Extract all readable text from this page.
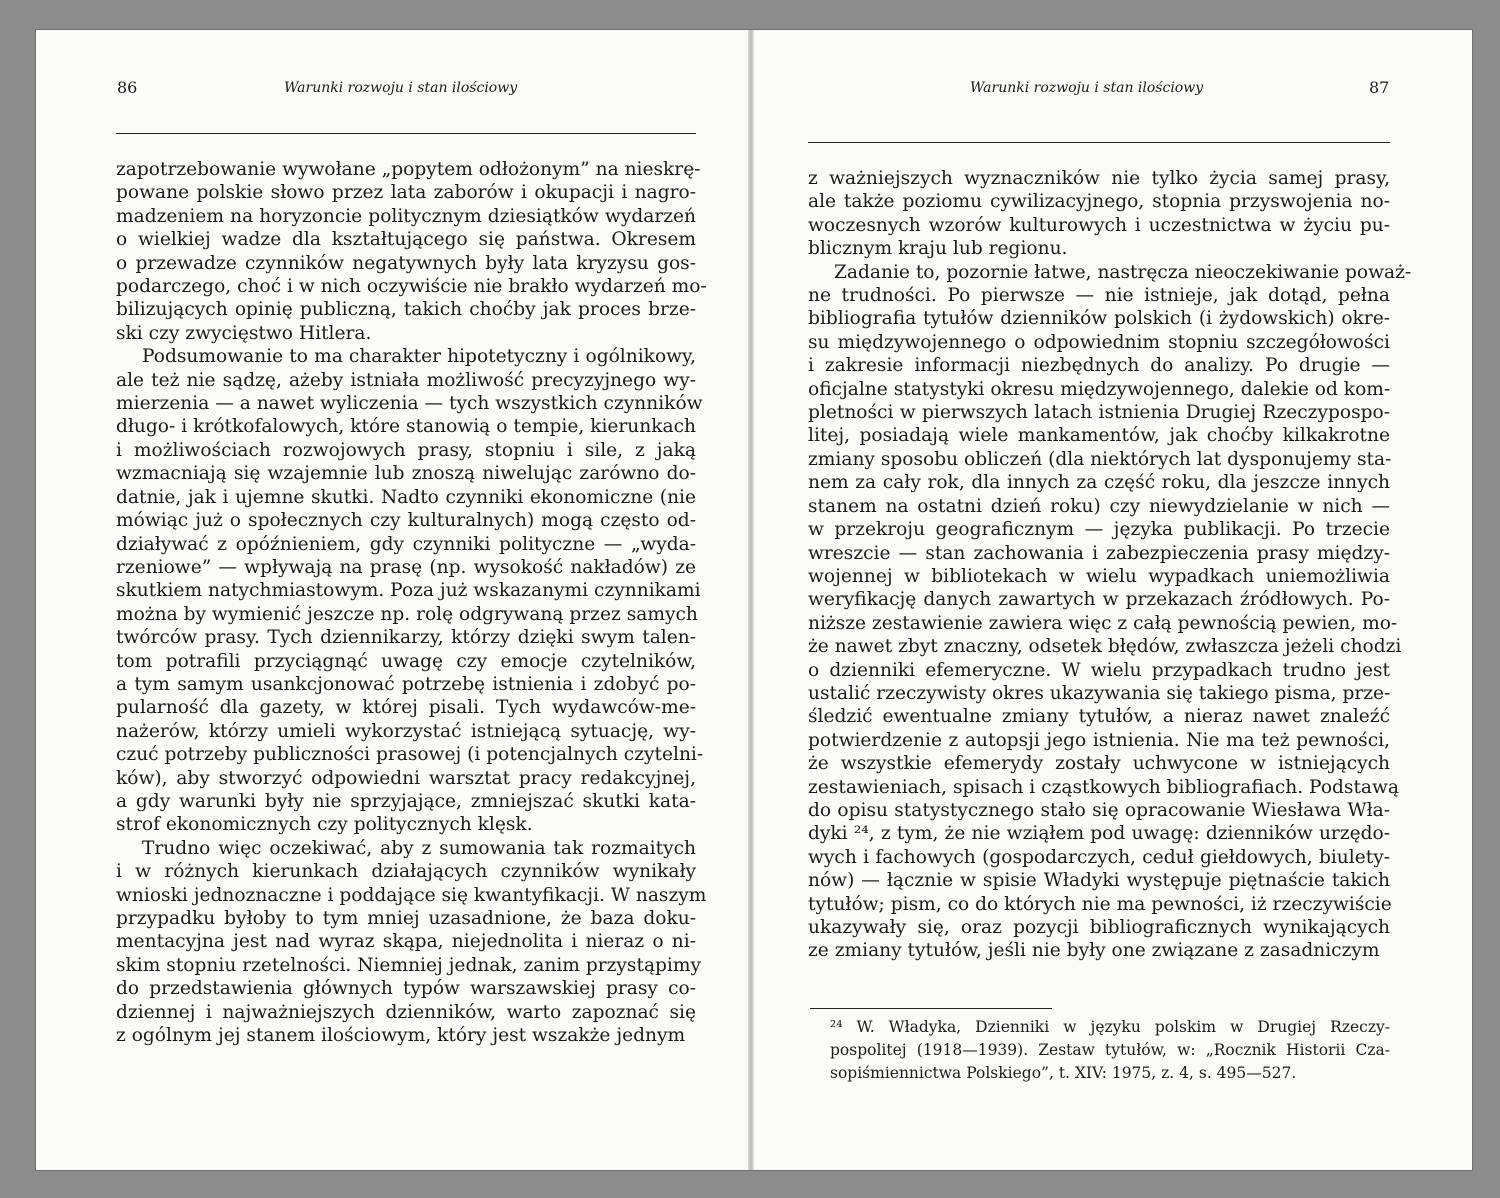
86	Warunki rozwoju i stan ilościowy
zapotrzebowanie wywołane „popytem odłożonym” na nieskrę-
powane polskie słowo przez lata zaborów i okupacji i nagro-
madzeniem na horyzoncie politycznym dziesiątków wydarzeń
o wielkiej wadze dla kształtującego się państwa. Okresem
o przewadze czynników negatywnych były lata kryzysu gos-
podarczego, choć i w nich oczywiście nie brakło wydarzeń mo-
bilizujących opinię publiczną, takich choćby jak proces brze-
ski czy zwycięstwo Hitlera.
Podsumowanie to ma charakter hipotetyczny i ogólnikowy,
ale też nie sądzę, ażeby istniała możliwość precyzyjnego wy-
mierzenia — a nawet wyliczenia — tych wszystkich czynników
długo- i krótkofalowych, które stanowią o tempie, kierunkach
i możliwościach rozwojowych prasy, stopniu i sile, z jaką
wzmacniają się wzajemnie lub znoszą niwelując zarówno do-
datnie, jak i ujemne skutki. Nadto czynniki ekonomiczne (nie
mówiąc już o społecznych czy kulturalnych) mogą często od-
działywać z opóźnieniem, gdy czynniki polityczne — „wyda-
rzeniowe” — wpływają na prasę (np. wysokość nakładów) ze
skutkiem natychmiastowym. Poza już wskazanymi czynnikami
można by wymienić jeszcze np. rolę odgrywaną przez samych
twórców prasy. Tych dziennikarzy, którzy dzięki swym talen-
tom potrafili przyciągnąć uwagę czy emocje czytelników,
a tym samym usankcjonować potrzebę istnienia i zdobyć po-
pularność dla gazety, w której pisali. Tych wydawców-me-
nażerów, którzy umieli wykorzystać istniejącą sytuację, wy-
czuć potrzeby publiczności prasowej (i potencjalnych czytelni-
ków), aby stworzyć odpowiedni warsztat pracy redakcyjnej,
a gdy warunki były nie sprzyjające, zmniejszać skutki kata-
strof ekonomicznych czy politycznych klęsk.
Trudno więc oczekiwać, aby z sumowania tak rozmaitych
i w różnych kierunkach działających czynników wynikały
wnioski jednoznaczne i poddające się kwantyfikacji. W naszym
przypadku byłoby to tym mniej uzasadnione, że baza doku-
mentacyjna jest nad wyraz skąpa, niejednolita i nieraz o ni-
skim stopniu rzetelności. Niemniej jednak, zanim przystąpimy
do przedstawienia głównych typów warszawskiej prasy co-
dziennej i najważniejszych dzienników, warto zapoznać się
z ogólnym jej stanem ilościowym, który jest wszakże jednym
Warunki rozwoju i stan ilościowy	87
z ważniejszych wyznaczników nie tylko życia samej prasy,
ale także poziomu cywilizacyjnego, stopnia przyswojenia no-
woczesnych wzorów kulturowych i uczestnictwa w życiu pu-
blicznym kraju lub regionu.
Zadanie to, pozornie łatwe, nastręcza nieoczekiwanie poważ-
ne trudności. Po pierwsze — nie istnieje, jak dotąd, pełna
bibliografia tytułów dzienników polskich (i żydowskich) okre-
su międzywojennego o odpowiednim stopniu szczegółowości
i zakresie informacji niezbędnych do analizy. Po drugie —
oficjalne statystyki okresu międzywojennego, dalekie od kom-
pletności w pierwszych latach istnienia Drugiej Rzeczypospo-
litej, posiadają wiele mankamentów, jak choćby kilkakrotne
zmiany sposobu obliczeń (dla niektórych lat dysponujemy sta-
nem za cały rok, dla innych za część roku, dla jeszcze innych
stanem na ostatni dzień roku) czy niewydzielanie w nich —
w przekroju geograficznym — języka publikacji. Po trzecie
wreszcie — stan zachowania i zabezpieczenia prasy między-
wojennej w bibliotekach w wielu wypadkach uniemożliwia
weryfikację danych zawartych w przekazach źródłowych. Po-
niższe zestawienie zawiera więc z całą pewnością pewien, mo-
że nawet zbyt znaczny, odsetek błędów, zwłaszcza jeżeli chodzi
o dzienniki efemeryczne. W wielu przypadkach trudno jest
ustalić rzeczywisty okres ukazywania się takiego pisma, prze-
śledzić ewentualne zmiany tytułów, a nieraz nawet znaleźć
potwierdzenie z autopsji jego istnienia. Nie ma też pewności,
że wszystkie efemerydy zostały uchwycone w istniejących
zestawieniach, spisach i cząstkowych bibliografiach. Podstawą
do opisu statystycznego stało się opracowanie Wiesława Wła-
dyki ²⁴, z tym, że nie wziąłem pod uwagę: dzienników urzędo-
wych i fachowych (gospodarczych, ceduł giełdowych, biulety-
nów) — łącznie w spisie Władyki występuje piętnaście takich
tytułów; pism, co do których nie ma pewności, iż rzeczywiście
ukazywały się, oraz pozycji bibliograficznych wynikających
ze zmiany tytułów, jeśli nie były one związane z zasadniczym
²⁴ W. Władyka, Dzienniki w języku polskim w Drugiej Rzeczy-
pospolitej (1918—1939). Zestaw tytułów, w: „Rocznik Historii Cza-
sopiśmiennictwa Polskiego”, t. XIV: 1975, z. 4, s. 495—527.
